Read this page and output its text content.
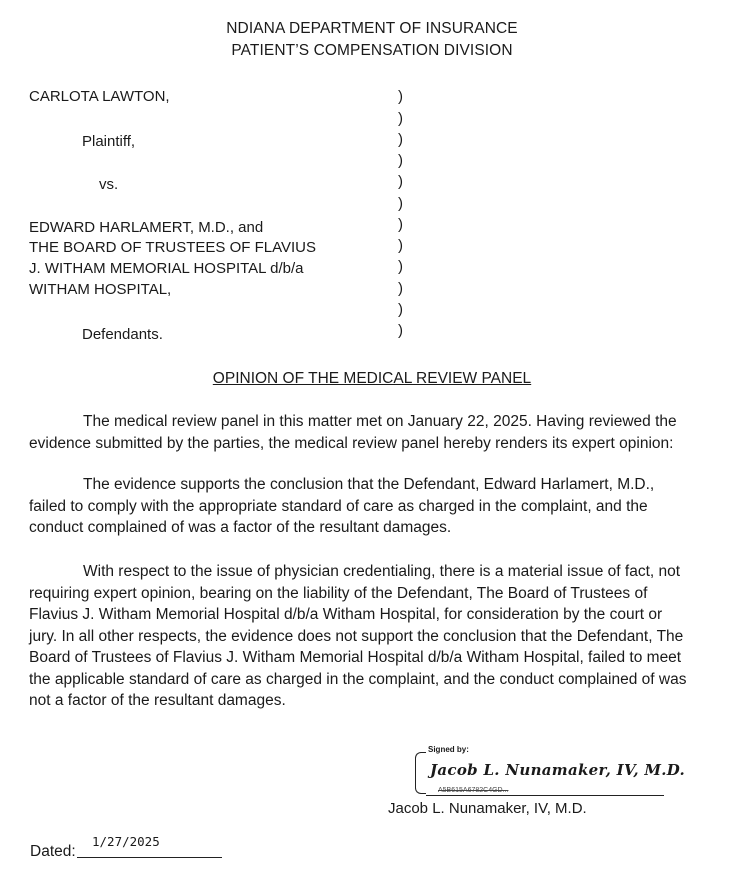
NDIANA DEPARTMENT OF INSURANCE
PATIENT’S COMPENSATION DIVISION
CARLOTA LAWTON,
Plaintiff,
vs.
EDWARD HARLAMERT, M.D., and
THE BOARD OF TRUSTEES OF FLAVIUS
J. WITHAM MEMORIAL HOSPITAL d/b/a
WITHAM HOSPITAL,
Defendants.
)
)
)
)
)
)
)
)
)
)
)
)
OPINION OF THE MEDICAL REVIEW PANEL
The medical review panel in this matter met on January 22, 2025. Having reviewed the
evidence submitted by the parties, the medical review panel hereby renders its expert opinion:
The evidence supports the conclusion that the Defendant, Edward Harlamert, M.D.,
failed to comply with the appropriate standard of care as charged in the complaint, and the
conduct complained of was a factor of the resultant damages.
With respect to the issue of physician credentialing, there is a material issue of fact, not
requiring expert opinion, bearing on the liability of the Defendant, The Board of Trustees of
Flavius J. Witham Memorial Hospital d/b/a Witham Hospital, for consideration by the court or
jury. In all other respects, the evidence does not support the conclusion that the Defendant, The
Board of Trustees of Flavius J. Witham Memorial Hospital d/b/a Witham Hospital, failed to meet
the applicable standard of care as charged in the complaint, and the conduct complained of was
not a factor of the resultant damages.
Signed by:
Jacob L. Nunamaker, IV, M.D.
A5B615A6782C4GD...
Jacob L. Nunamaker, IV, M.D.
Dated:
1/27/2025
